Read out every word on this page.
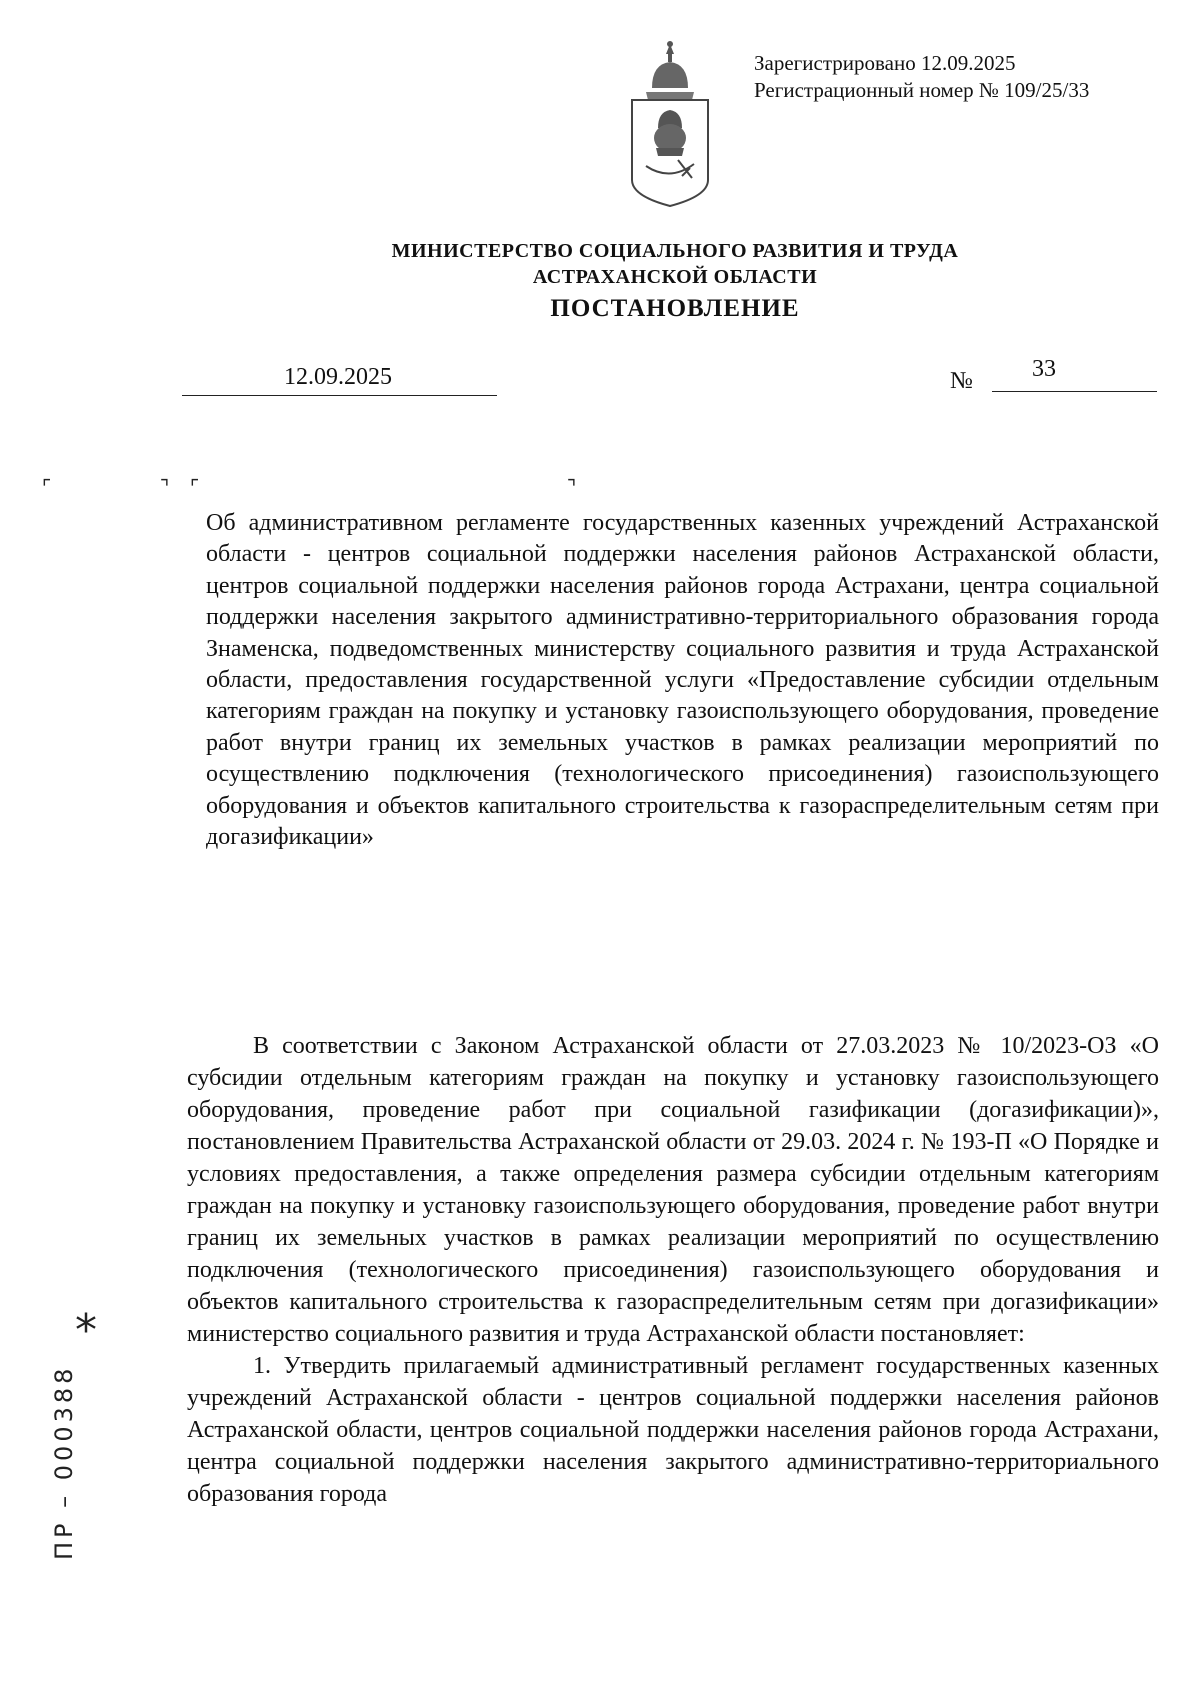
Зарегистрировано 12.09.2025
Регистрационный номер № 109/25/33
МИНИСТЕРСТВО СОЦИАЛЬНОГО РАЗВИТИЯ И ТРУДА
АСТРАХАНСКОЙ ОБЛАСТИ
ПОСТАНОВЛЕНИЕ
12.09.2025	№ 33
⌜	⌝ ⌜	⌝
Об административном регламенте государственных казенных учреждений Астраханской области - центров социальной поддержки населения районов Астраханской области, центров социальной поддержки населения районов города Астрахани, центра социальной поддержки населения закрытого административно-территориального образования города Знаменска, подведомственных министерству социального развития и труда Астраханской области, предоставления государственной услуги «Предоставление субсидии отдельным категориям граждан на покупку и установку газоиспользующего оборудования, проведение работ внутри границ их земельных участков в рамках реализации мероприятий по осуществлению подключения (технологического присоединения) газоиспользующего оборудования и объектов капитального строительства к газораспределительным сетям при догазификации»

В соответствии с Законом Астраханской области от 27.03.2023 № 10/2023-ОЗ «О субсидии отдельным категориям граждан на покупку и установку газоиспользующего оборудования, проведение работ при социальной газификации (догазификации)», постановлением Правительства Астраханской области от 29.03. 2024 г. № 193-П «О Порядке и условиях предоставления, а также определения размера субсидии отдельным категориям граждан на покупку и установку газоиспользующего оборудования, проведение работ внутри границ их земельных участков в рамках реализации мероприятий по осуществлению подключения (технологического присоединения) газоиспользующего оборудования и объектов капитального строительства к газораспределительным сетям при догазификации» министерство социального развития и труда Астраханской области постановляет:

1. Утвердить прилагаемый административный регламент государственных казенных учреждений Астраханской области - центров социальной поддержки населения районов Астраханской области, центров социальной поддержки населения районов города Астрахани, центра социальной поддержки населения закрытого административно-территориального образования города

*
ПР – 000388
